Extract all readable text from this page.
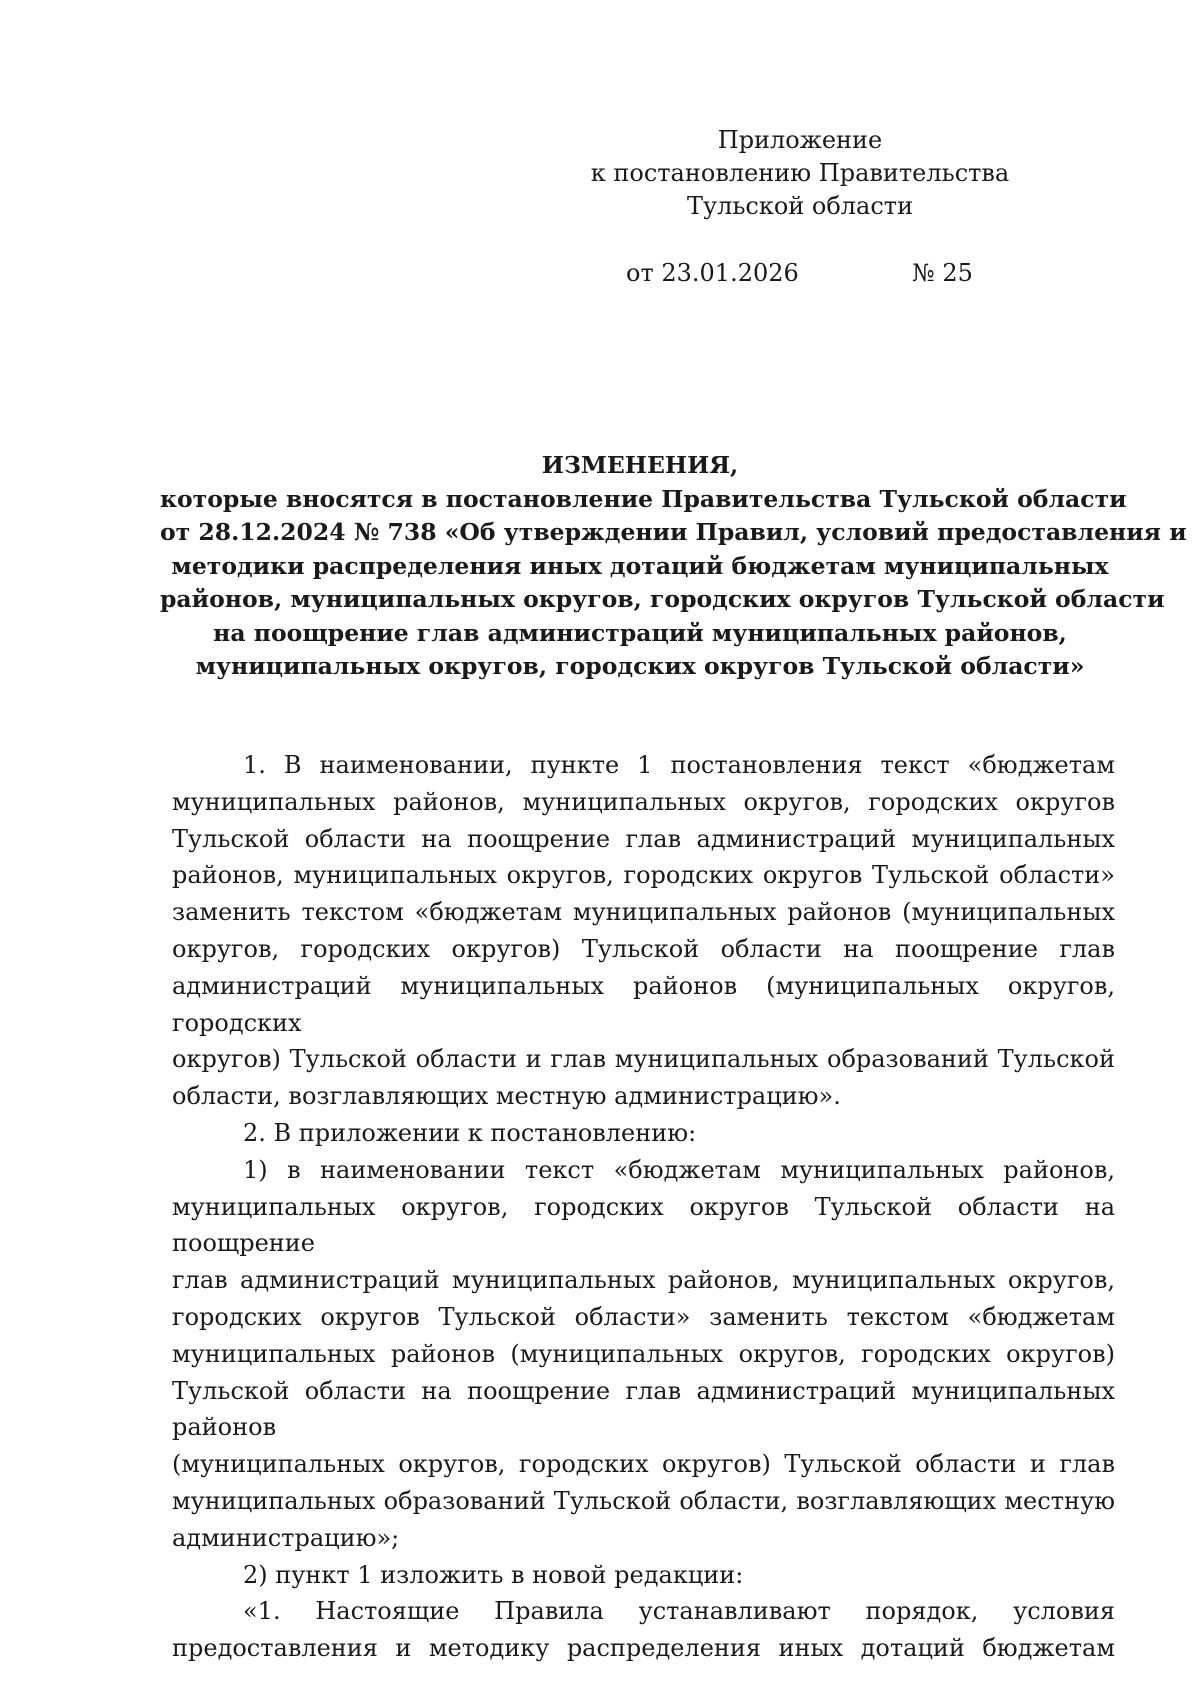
Приложение
к постановлению Правительства
Тульской области
от 23.01.2026	№ 25
ИЗМЕНЕНИЯ,
которые вносятся в постановление Правительства Тульской области
от 28.12.2024 № 738 «Об утверждении Правил, условий предоставления и
методики распределения иных дотаций бюджетам муниципальных
районов, муниципальных округов, городских округов Тульской области
на поощрение глав администраций муниципальных районов,
муниципальных округов, городских округов Тульской области»
1. В наименовании, пункте 1 постановления текст «бюджетам
муниципальных районов, муниципальных округов, городских округов
Тульской области на поощрение глав администраций муниципальных
районов, муниципальных округов, городских округов Тульской области»
заменить текстом «бюджетам муниципальных районов (муниципальных
округов, городских округов) Тульской области на поощрение глав
администраций муниципальных районов (муниципальных округов, городских
округов) Тульской области и глав муниципальных образований Тульской
области, возглавляющих местную администрацию».
2. В приложении к постановлению:
1) в наименовании текст «бюджетам муниципальных районов,
муниципальных округов, городских округов Тульской области на поощрение
глав администраций муниципальных районов, муниципальных округов,
городских округов Тульской области» заменить текстом «бюджетам
муниципальных районов (муниципальных округов, городских округов)
Тульской области на поощрение глав администраций муниципальных районов
(муниципальных округов, городских округов) Тульской области и глав
муниципальных образований Тульской области, возглавляющих местную
администрацию»;
2) пункт 1 изложить в новой редакции:
«1. Настоящие Правила устанавливают порядок, условия
предоставления и методику распределения иных дотаций бюджетам
